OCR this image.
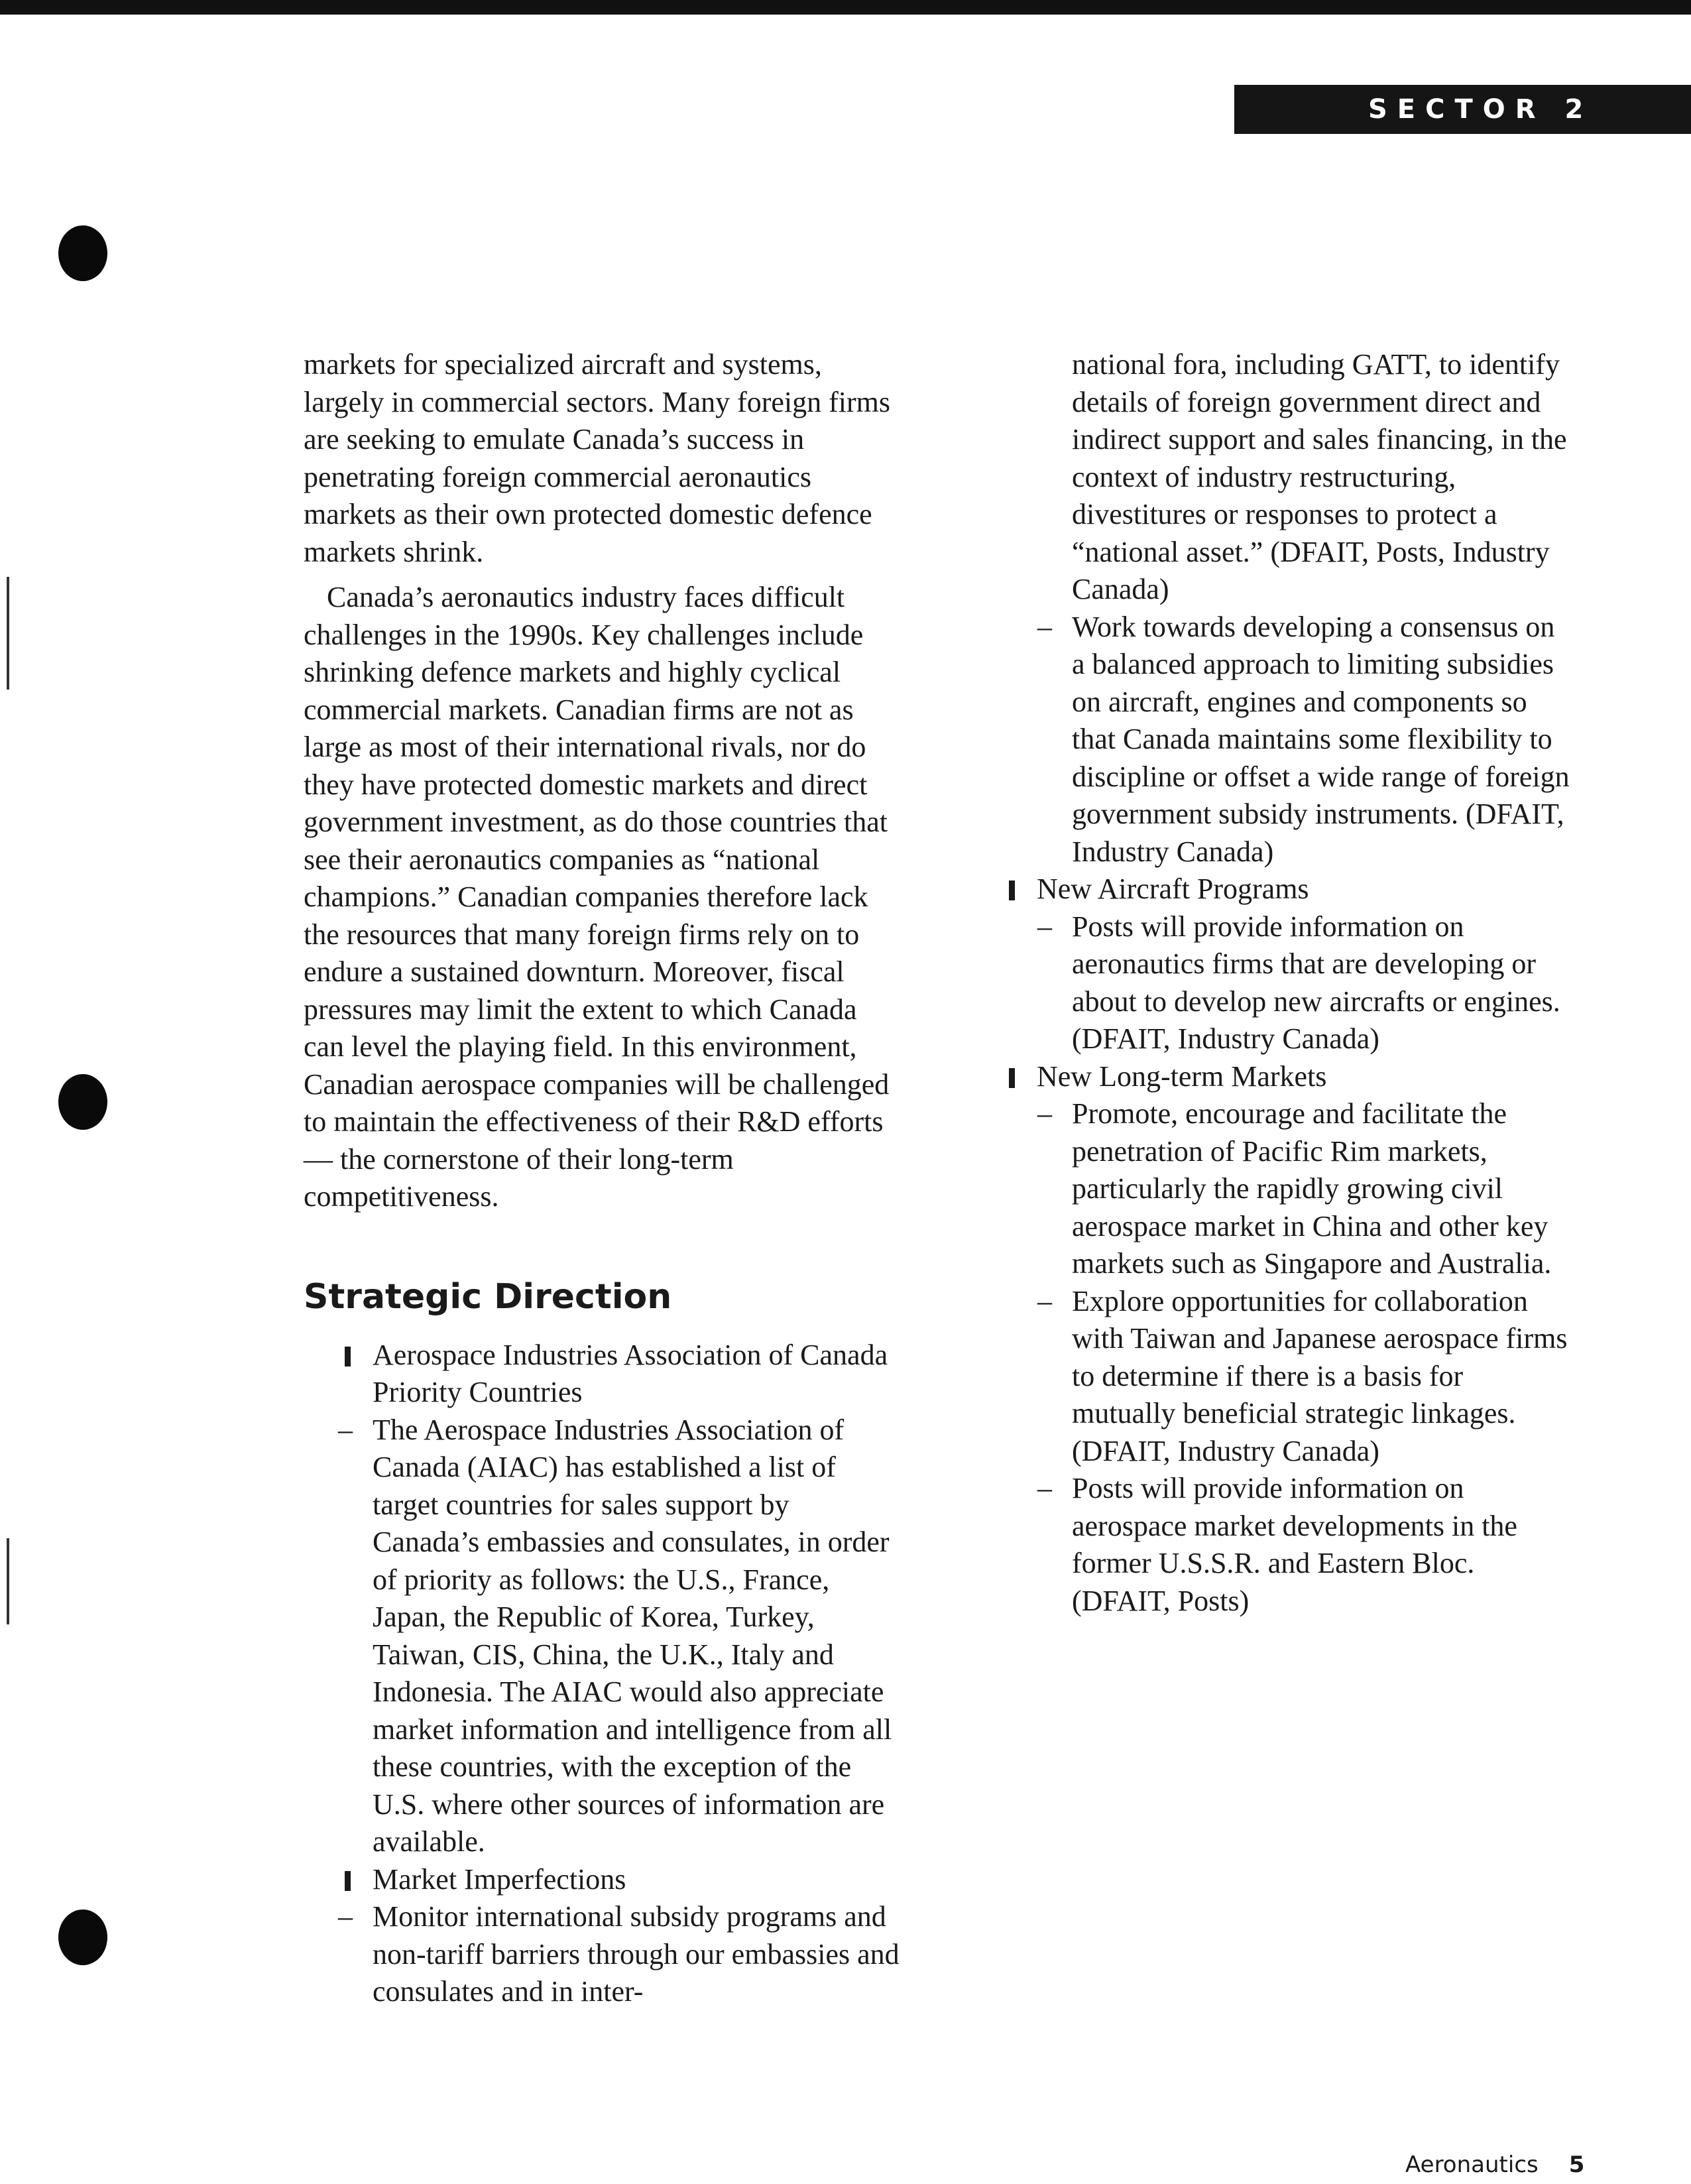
SECTOR 2

markets for specialized aircraft and systems, largely in commercial sectors. Many foreign firms are seeking to emulate Canada’s success in penetrating foreign commercial aeronautics markets as their own protected domestic defence markets shrink.

Canada’s aeronautics industry faces difficult challenges in the 1990s. Key challenges include shrinking defence markets and highly cyclical commercial markets. Canadian firms are not as large as most of their international rivals, nor do they have protected domestic markets and direct government investment, as do those countries that see their aeronautics companies as “national champions.” Canadian companies therefore lack the resources that many foreign firms rely on to endure a sustained downturn. Moreover, fiscal pressures may limit the extent to which Canada can level the playing field. In this environment, Canadian aerospace companies will be challenged to maintain the effectiveness of their R&D efforts — the cornerstone of their long-term competitiveness.

Strategic Direction

Aerospace Industries Association of Canada Priority Countries

– The Aerospace Industries Association of Canada (AIAC) has established a list of target countries for sales support by Canada’s embassies and consulates, in order of priority as follows: the U.S., France, Japan, the Republic of Korea, Turkey, Taiwan, CIS, China, the U.K., Italy and Indonesia. The AIAC would also appreciate market information and intelligence from all these countries, with the exception of the U.S. where other sources of information are available.

Market Imperfections

– Monitor international subsidy programs and non-tariff barriers through our embassies and consulates and in inter-

national fora, including GATT, to identify details of foreign government direct and indirect support and sales financing, in the context of industry restructuring, divestitures or responses to protect a “national asset.” (DFAIT, Posts, Industry Canada)

– Work towards developing a consensus on a balanced approach to limiting subsidies on aircraft, engines and components so that Canada maintains some flexibility to discipline or offset a wide range of foreign government subsidy instruments. (DFAIT, Industry Canada)

New Aircraft Programs

– Posts will provide information on aeronautics firms that are developing or about to develop new aircrafts or engines. (DFAIT, Industry Canada)

New Long-term Markets

– Promote, encourage and facilitate the penetration of Pacific Rim markets, particularly the rapidly growing civil aerospace market in China and other key markets such as Singapore and Australia.

– Explore opportunities for collaboration with Taiwan and Japanese aerospace firms to determine if there is a basis for mutually beneficial strategic linkages. (DFAIT, Industry Canada)

– Posts will provide information on aerospace market developments in the former U.S.S.R. and Eastern Bloc. (DFAIT, Posts)

Aeronautics 5
